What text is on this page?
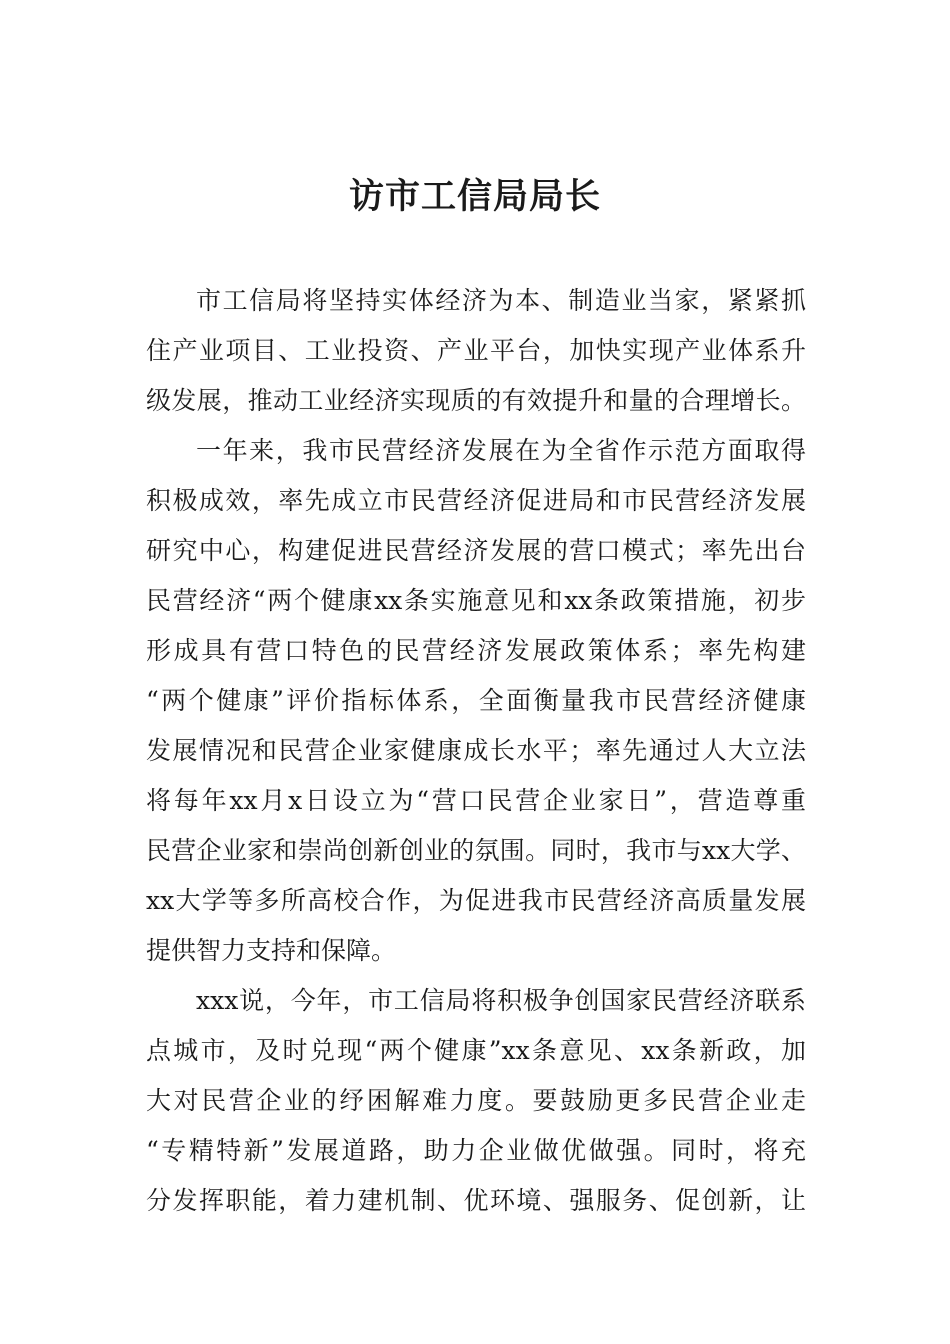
访市工信局局长

市工信局将坚持实体经济为本、制造业当家，紧紧抓

住产业项目、工业投资、产业平台，加快实现产业体系升

级发展，推动工业经济实现质的有效提升和量的合理增长。

一年来，我市民营经济发展在为全省作示范方面取得

积极成效，率先成立市民营经济促进局和市民营经济发展

研究中心，构建促进民营经济发展的营口模式；率先出台

民营经济“两个健康xx条实施意见和xx条政策措施，初步

形成具有营口特色的民营经济发展政策体系；率先构建

“两个健康”评价指标体系，全面衡量我市民营经济健康

发展情况和民营企业家健康成长水平；率先通过人大立法

将每年xx月x日设立为“营口民营企业家日”，营造尊重

民营企业家和崇尚创新创业的氛围。同时，我市与xx大学、

xx大学等多所高校合作，为促进我市民营经济高质量发展

提供智力支持和保障。

xxx说，今年，市工信局将积极争创国家民营经济联系

点城市，及时兑现“两个健康”xx条意见、xx条新政，加

大对民营企业的纾困解难力度。要鼓励更多民营企业走

“专精特新”发展道路，助力企业做优做强。同时，将充

分发挥职能，着力建机制、优环境、强服务、促创新，让
